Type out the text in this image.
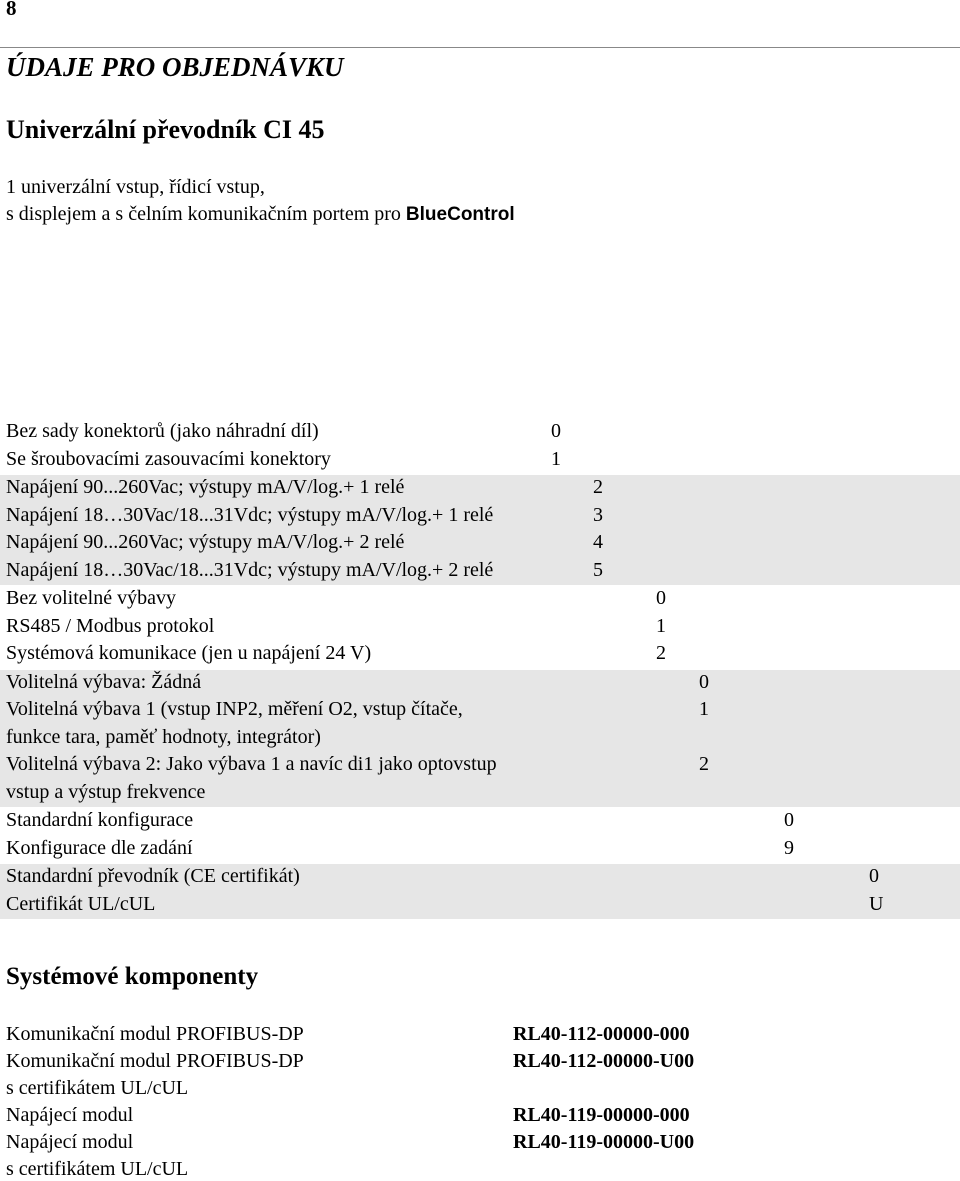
8
ÚDAJE PRO OBJEDNÁVKU
Univerzální převodník CI 45
1 univerzální vstup, řídicí vstup,
s displejem a s čelním komunikačním portem pro BlueControl
Bez sady konektorů (jako náhradní díl)	0
Se šroubovacími zasouvacími konektory	1
Napájení 90...260Vac; výstupy mA/V/log.+ 1 relé	2
Napájení 18…30Vac/18...31Vdc; výstupy mA/V/log.+ 1 relé	3
Napájení 90...260Vac; výstupy mA/V/log.+ 2 relé	4
Napájení 18…30Vac/18...31Vdc; výstupy mA/V/log.+ 2 relé	5
Bez volitelné výbavy	0
RS485 / Modbus protokol	1
Systémová komunikace (jen u napájení 24 V)	2
Volitelná výbava: Žádná	0
Volitelná výbava 1 (vstup INP2, měření O2, vstup čítače,	1
funkce tara, paměť hodnoty, integrátor)
Volitelná výbava 2: Jako výbava 1 a navíc di1 jako optovstup	2
vstup a výstup frekvence
Standardní konfigurace	0
Konfigurace dle zadání	9
Standardní převodník (CE certifikát)	0
Certifikát UL/cUL	U
Systémové komponenty
Komunikační modul PROFIBUS-DP	RL40-112-00000-000
Komunikační modul PROFIBUS-DP	RL40-112-00000-U00
s certifikátem UL/cUL
Napájecí modul	RL40-119-00000-000
Napájecí modul	RL40-119-00000-U00
s certifikátem UL/cUL
